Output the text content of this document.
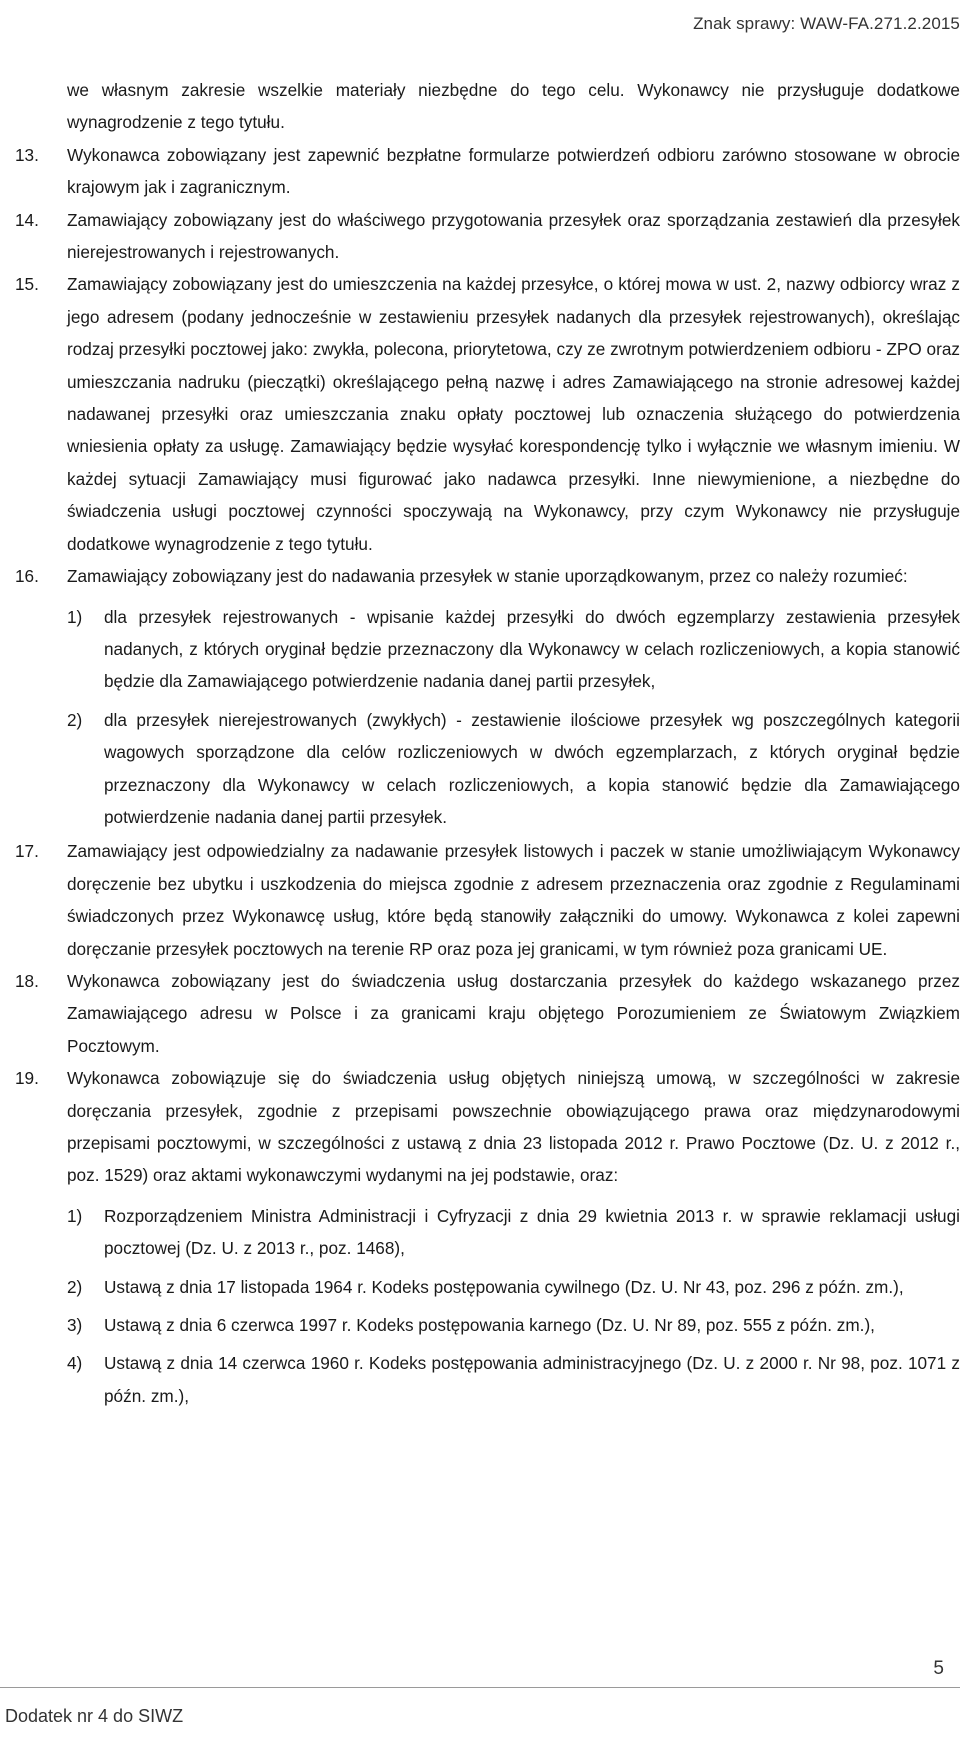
Znak sprawy: WAW-FA.271.2.2015
we własnym zakresie wszelkie materiały niezbędne do tego celu. Wykonawcy nie przysługuje dodatkowe wynagrodzenie z tego tytułu.
13. Wykonawca zobowiązany jest zapewnić bezpłatne formularze potwierdzeń odbioru zarówno stosowane w obrocie krajowym jak i zagranicznym.
14. Zamawiający zobowiązany jest do właściwego przygotowania przesyłek oraz sporządzania zestawień dla przesyłek nierejestrowanych i rejestrowanych.
15. Zamawiający zobowiązany jest do umieszczenia na każdej przesyłce, o której mowa w ust. 2, nazwy odbiorcy wraz z jego adresem (podany jednocześnie w zestawieniu przesyłek nadanych dla przesyłek rejestrowanych), określając rodzaj przesyłki pocztowej jako: zwykła, polecona, priorytetowa, czy ze zwrotnym potwierdzeniem odbioru - ZPO oraz umieszczania nadruku (pieczątki) określającego pełną nazwę i adres Zamawiającego na stronie adresowej każdej nadawanej przesyłki oraz umieszczania znaku opłaty pocztowej lub oznaczenia służącego do potwierdzenia wniesienia opłaty za usługę. Zamawiający będzie wysyłać korespondencję tylko i wyłącznie we własnym imieniu. W każdej sytuacji Zamawiający musi figurować jako nadawca przesyłki. Inne niewymienione, a niezbędne do świadczenia usługi pocztowej czynności spoczywają na Wykonawcy, przy czym Wykonawcy nie przysługuje dodatkowe wynagrodzenie z tego tytułu.
16. Zamawiający zobowiązany jest do nadawania przesyłek w stanie uporządkowanym, przez co należy rozumieć:
1) dla przesyłek rejestrowanych - wpisanie każdej przesyłki do dwóch egzemplarzy zestawienia przesyłek nadanych, z których oryginał będzie przeznaczony dla Wykonawcy w celach rozliczeniowych, a kopia stanowić będzie dla Zamawiającego potwierdzenie nadania danej partii przesyłek,
2) dla przesyłek nierejestrowanych (zwykłych) - zestawienie ilościowe przesyłek wg poszczególnych kategorii wagowych sporządzone dla celów rozliczeniowych w dwóch egzemplarzach, z których oryginał będzie przeznaczony dla Wykonawcy w celach rozliczeniowych, a kopia stanowić będzie dla Zamawiającego potwierdzenie nadania danej partii przesyłek.
17. Zamawiający jest odpowiedzialny za nadawanie przesyłek listowych i paczek w stanie umożliwiającym Wykonawcy doręczenie bez ubytku i uszkodzenia do miejsca zgodnie z adresem przeznaczenia oraz zgodnie z Regulaminami świadczonych przez Wykonawcę usług, które będą stanowiły załączniki do umowy. Wykonawca z kolei zapewni doręczanie przesyłek pocztowych na terenie RP oraz poza jej granicami, w tym również poza granicami UE.
18. Wykonawca zobowiązany jest do świadczenia usług dostarczania przesyłek do każdego wskazanego przez Zamawiającego adresu w Polsce i za granicami kraju objętego Porozumieniem ze Światowym Związkiem Pocztowym.
19. Wykonawca zobowiązuje się do świadczenia usług objętych niniejszą umową, w szczególności w zakresie doręczania przesyłek, zgodnie z przepisami powszechnie obowiązującego prawa oraz międzynarodowymi przepisami pocztowymi, w szczególności z ustawą z dnia 23 listopada 2012 r. Prawo Pocztowe (Dz. U. z 2012 r., poz. 1529) oraz aktami wykonawczymi wydanymi na jej podstawie, oraz:
1) Rozporządzeniem Ministra Administracji i Cyfryzacji z dnia 29 kwietnia 2013 r. w sprawie reklamacji usługi pocztowej (Dz. U. z 2013 r., poz. 1468),
2) Ustawą z dnia 17 listopada 1964 r. Kodeks postępowania cywilnego (Dz. U. Nr 43, poz. 296 z późn. zm.),
3) Ustawą z dnia 6 czerwca 1997 r. Kodeks postępowania karnego (Dz. U. Nr 89, poz. 555 z późn. zm.),
4) Ustawą z dnia 14 czerwca 1960 r. Kodeks postępowania administracyjnego (Dz. U. z 2000 r. Nr 98, poz. 1071 z późn. zm.),
5
Dodatek nr 4 do SIWZ
